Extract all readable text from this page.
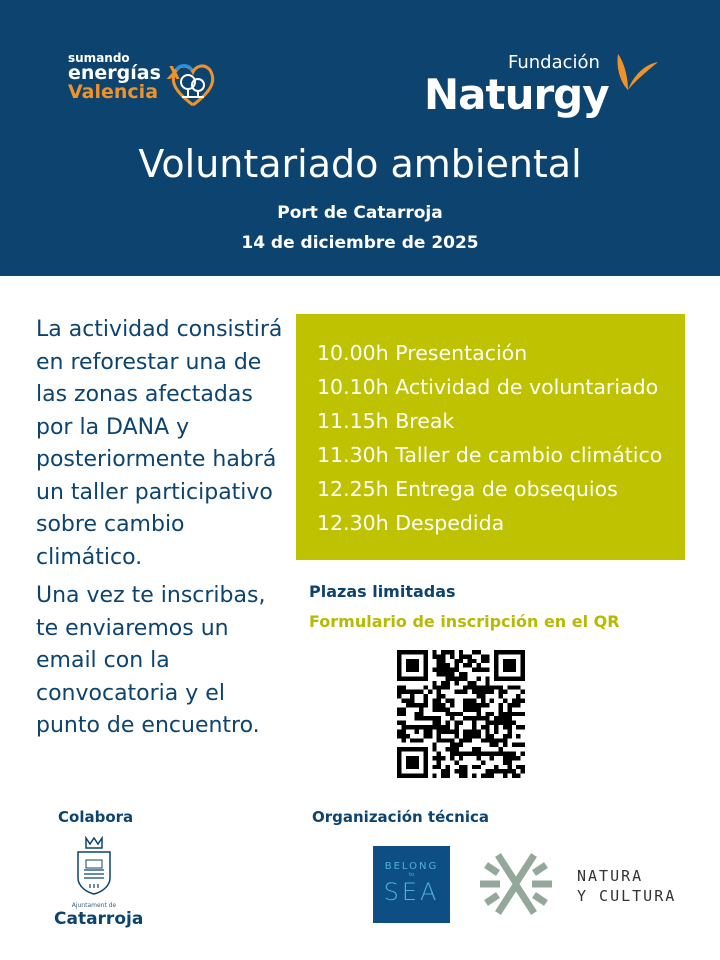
sumando
energías X
Valencia
Fundación
Naturgy
Voluntariado ambiental
Port de Catarroja
14 de diciembre de 2025

La actividad consistirá en reforestar una de las zonas afectadas por la DANA y posteriormente habrá un taller participativo sobre cambio climático.

Una vez te inscribas, te enviaremos un email con la convocatoria y el punto de encuentro.

10.00h Presentación
10.10h Actividad de voluntariado
11.15h Break
11.30h Taller de cambio climático
12.25h Entrega de obsequios
12.30h Despedida
Plazas limitadas
Formulario de inscripción en el QR
Colabora	Organización técnica
Ajuntament de
Catarroja
BELONG
to
SEA
NATURA
Y CULTURA
